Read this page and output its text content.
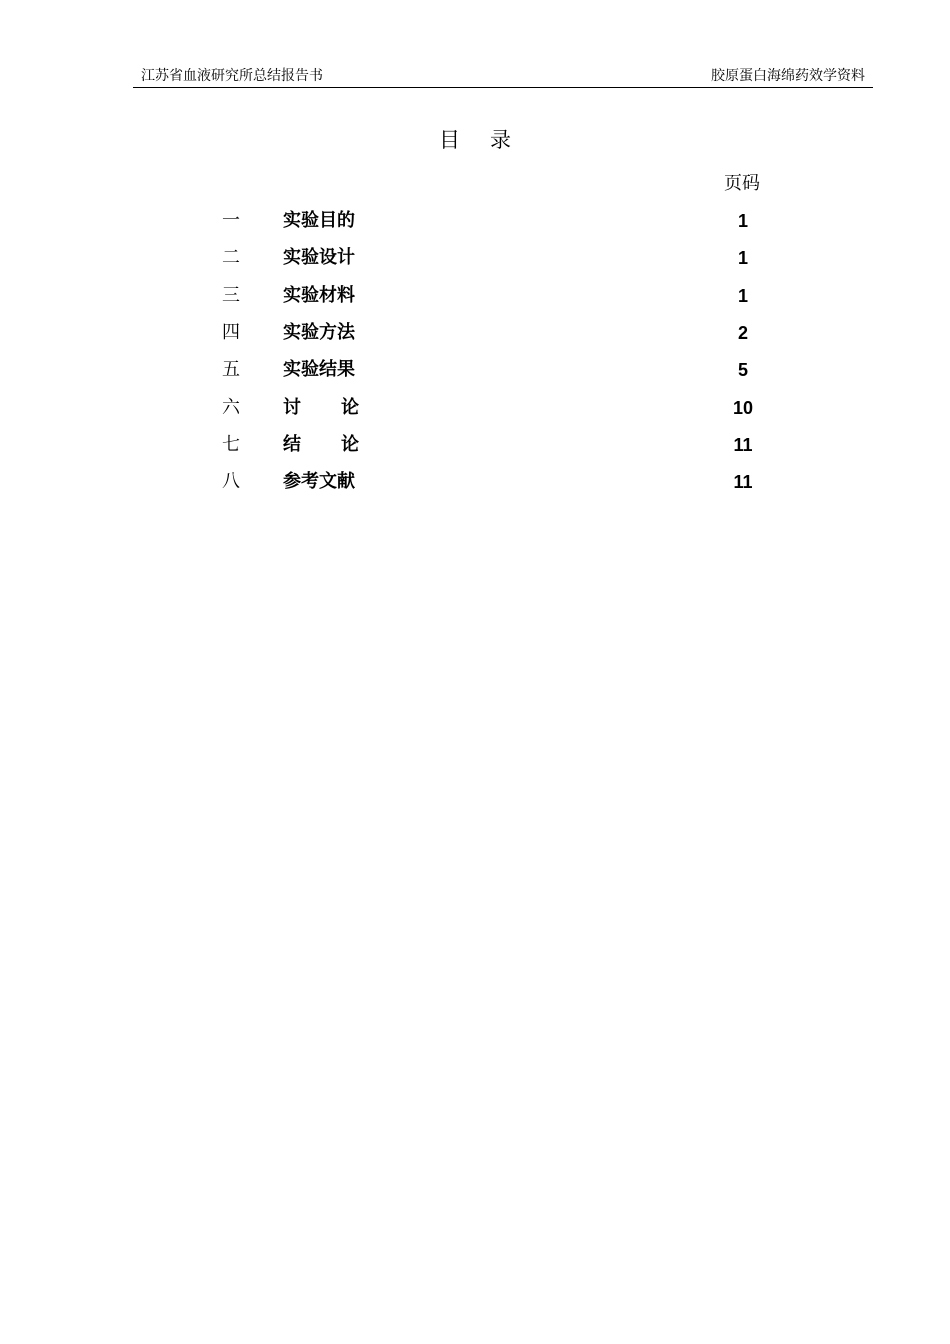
江苏省血液研究所总结报告书	胶原蛋白海绵药效学资料
目录
页码
一 实验目的	1
二 实验设计	1
三 实验材料	1
四 实验方法	2
五 实验结果	5
六 讨 论	10
七 结 论	11
八 参考文献	11
